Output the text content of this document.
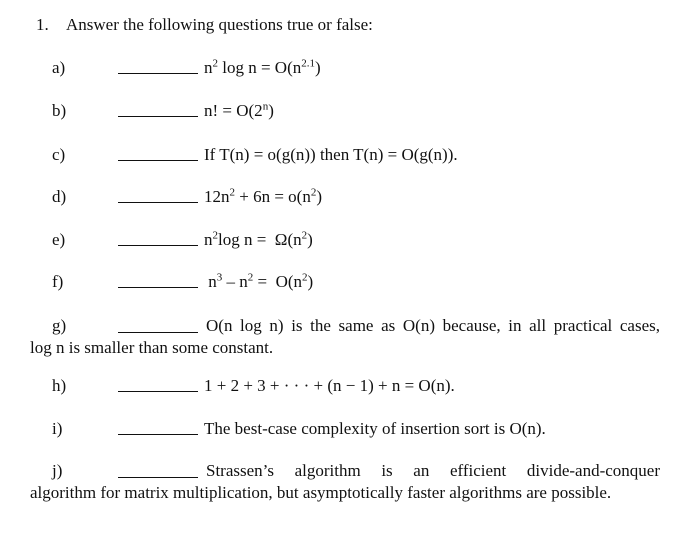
1. Answer the following questions true or false:
a)	$n^2$ $\log n = O(n^{2.1})$
b)	n! = $O(2^n)$
c)	If T(n) = o(g(n)) then T(n) = O(g(n)).
d)	$12n^2 + 6n = o(n^2)$
e)	$n^2\log$ $n = \Omega(n^2)$
f)	$n^3 - n^2 = O(n^2)$
g)	O(n log n) is the same as O(n) because, in all practical cases,
log n is smaller than some constant.
h)	1 + 2 + 3 + · · · + (n − 1) + n = O(n).
i)	The best-case complexity of insertion sort is O(n).
j)	Strassen’s algorithm is an efficient divide-and-conquer
algorithm for matrix multiplication, but asymptotically faster algorithms are possible.
